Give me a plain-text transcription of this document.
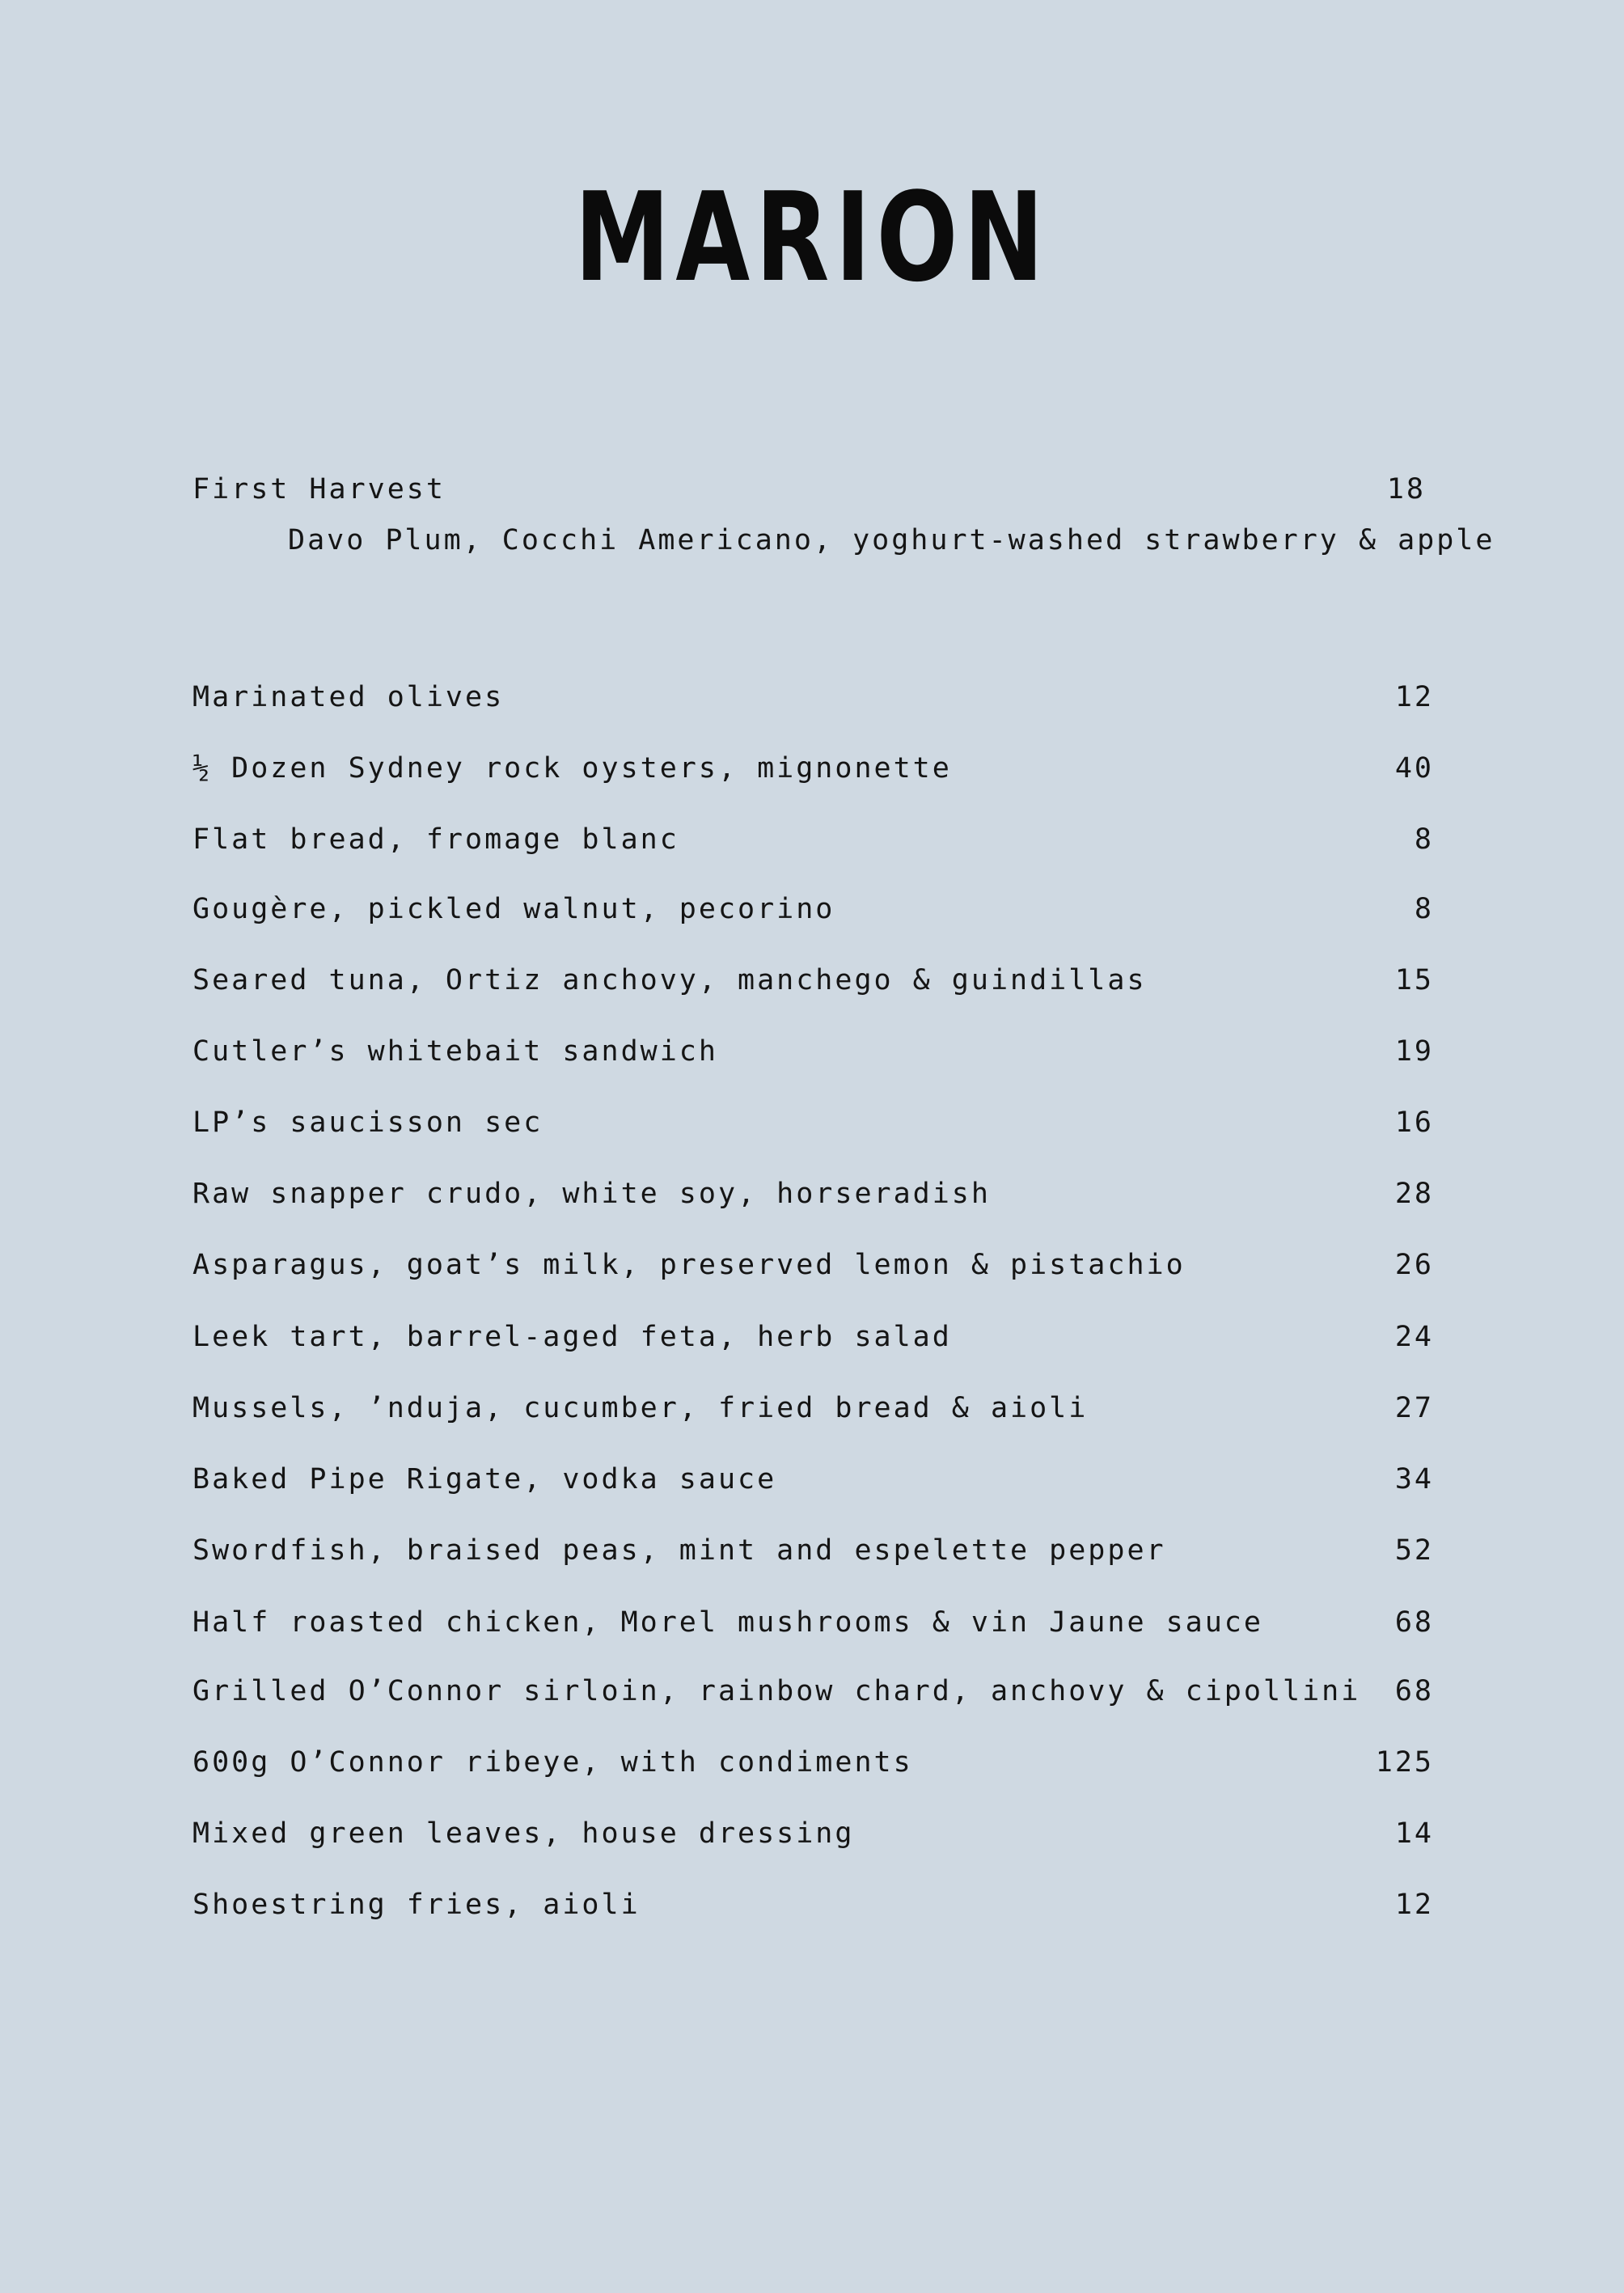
MARION
First Harvest	18
Davo Plum, Cocchi Americano, yoghurt-washed strawberry & apple
Marinated olives	12
½ Dozen Sydney rock oysters, mignonette	40
Flat bread, fromage blanc	8
Gougère, pickled walnut, pecorino	8
Seared tuna, Ortiz anchovy, manchego & guindillas	15
Cutler’s whitebait sandwich	19
LP’s saucisson sec	16
Raw snapper crudo, white soy, horseradish	28
Asparagus, goat’s milk, preserved lemon & pistachio	26
Leek tart, barrel-aged feta, herb salad	24
Mussels, ’nduja, cucumber, fried bread & aioli	27
Baked Pipe Rigate, vodka sauce	34
Swordfish, braised peas, mint and espelette pepper	52
Half roasted chicken, Morel mushrooms & vin Jaune sauce	68
Grilled O’Connor sirloin, rainbow chard, anchovy & cipollini 68
600g O’Connor ribeye, with condiments	125
Mixed green leaves, house dressing	14
Shoestring fries, aioli	12
